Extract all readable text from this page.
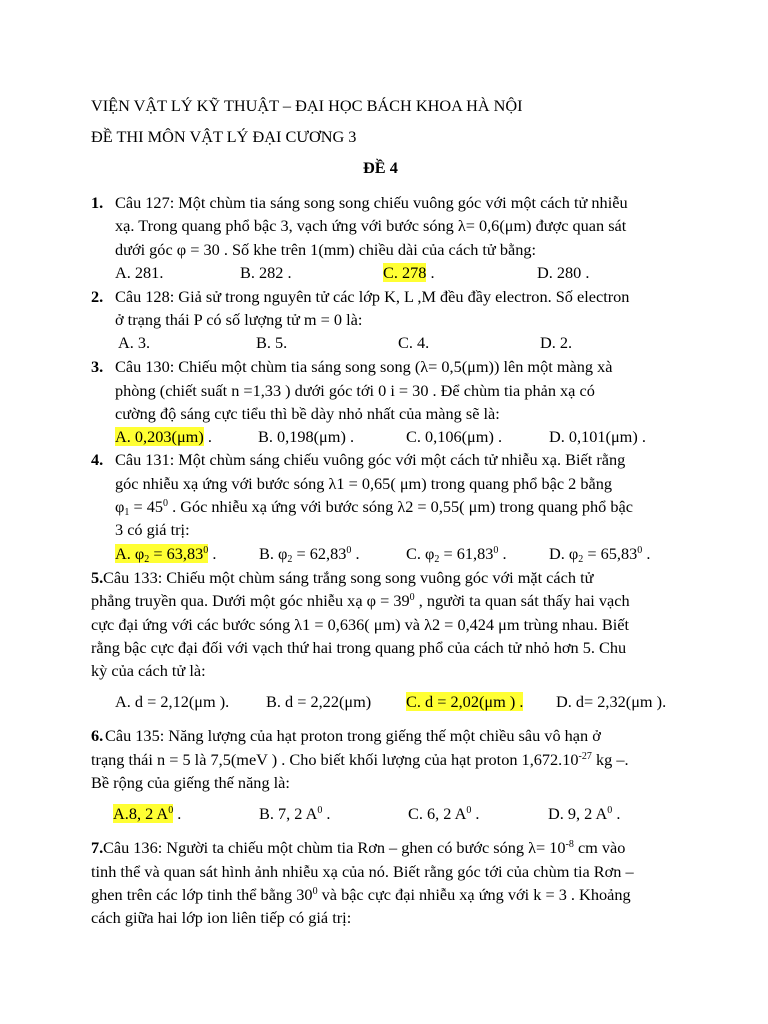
VIỆN VẬT LÝ KỸ THUẬT – ĐẠI HỌC BÁCH KHOA HÀ NỘI
ĐỀ THI MÔN VẬT LÝ ĐẠI CƯƠNG 3
ĐỀ 4
1. Câu 127: Một chùm tia sáng song song chiếu vuông góc với một cách tử nhiễu
xạ. Trong quang phổ bậc 3, vạch ứng với bước sóng λ= 0,6(μm) được quan sát
dưới góc φ = 30 . Số khe trên 1(mm) chiều dài của cách tử bằng:
A. 281.	B. 282 .	C. 278 .	D. 280 .
2. Câu 128: Giả sử trong nguyên tử các lớp K, L ,M đều đầy electron. Số electron
ở trạng thái P có số lượng tử m = 0 là:
A. 3.	B. 5.	C. 4.	D. 2.
3. Câu 130: Chiếu một chùm tia sáng song song (λ= 0,5(μm)) lên một màng xà
phòng (chiết suất n =1,33 ) dưới góc tới 0 i = 30 . Để chùm tia phản xạ có
cường độ sáng cực tiểu thì bề dày nhỏ nhất của màng sẽ là:
A. 0,203(μm) .	B. 0,198(μm) .	C. 0,106(μm) .	D. 0,101(μm) .
4. Câu 131: Một chùm sáng chiếu vuông góc với một cách tử nhiễu xạ. Biết rằng
góc nhiễu xạ ứng với bước sóng λ1 = 0,65( μm) trong quang phổ bậc 2 bằng
$\varphi_1 = 45^0$ . Góc nhiễu xạ ứng với bước sóng λ2 = 0,55( μm) trong quang phổ bậc
3 có giá trị:
A. $\varphi_2 = 63,83^0$ .	B. $\varphi_2 = 62,83^0$ .	C. $\varphi_2 = 61,83^0$ .	D. $\varphi_2 = 65,83^0$ .
5. Câu 133: Chiếu một chùm sáng trắng song song vuông góc với mặt cách tử
phẳng truyền qua. Dưới một góc nhiễu xạ $\varphi = 39^0$ , người ta quan sát thấy hai vạch
cực đại ứng với các bước sóng λ1 = 0,636( μm) và λ2 = 0,424 μm trùng nhau. Biết
rằng bậc cực đại đối với vạch thứ hai trong quang phổ của cách tử nhỏ hơn 5. Chu
kỳ của cách tử là:
A. d = 2,12(μm ). B. d = 2,22(μm) C. d = 2,02(μm ) . D. d= 2,32(μm ).
6. Câu 135: Năng lượng của hạt proton trong giếng thế một chiều sâu vô hạn ở
trạng thái n = 5 là 7,5(meV ) . Cho biết khối lượng của hạt proton $1,672.10^{-27}$ kg –.
Bề rộng của giếng thế năng là:
A.8, 2 $A^0$ .	B. 7, 2 $A^0$ .	C. 6, 2 $A^0$ .	D. 9, 2 $A^0$ .
7. Câu 136: Người ta chiếu một chùm tia Rơn – ghen có bước sóng $\lambda= 10^{-8}$ cm vào
tinh thể và quan sát hình ảnh nhiễu xạ của nó. Biết rằng góc tới của chùm tia Rơn –
ghen trên các lớp tinh thể bằng $30^0$ và bậc cực đại nhiễu xạ ứng với k = 3 . Khoảng
cách giữa hai lớp ion liên tiếp có giá trị:
